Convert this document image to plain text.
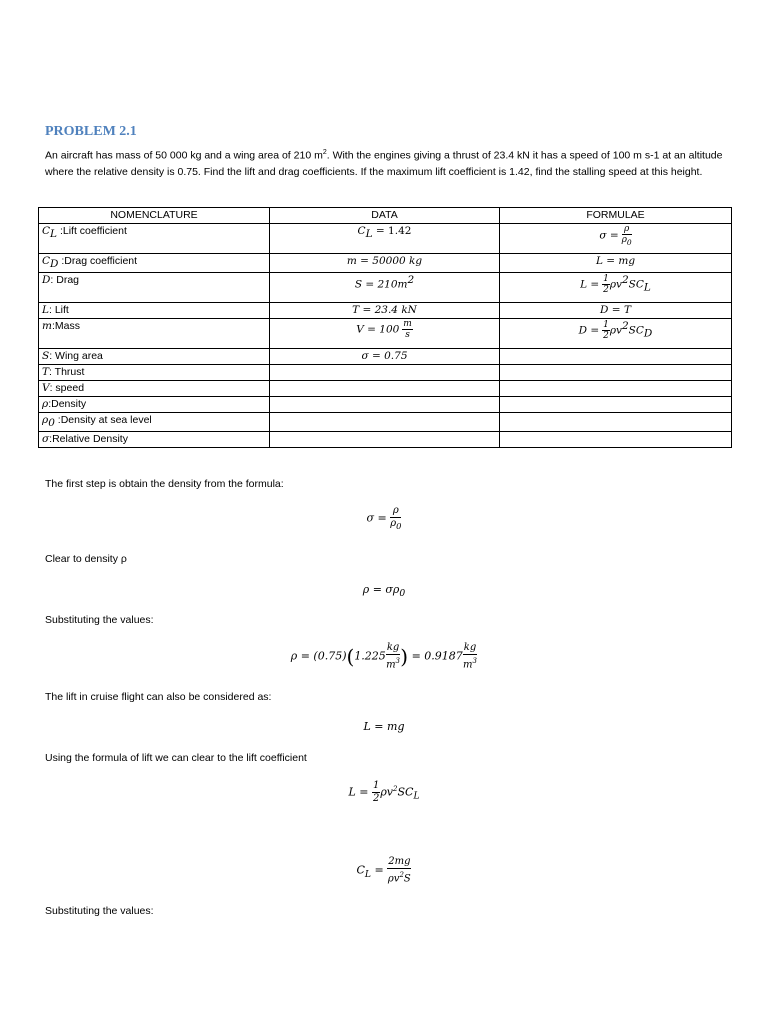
PROBLEM 2.1
An aircraft has mass of 50 000 kg and a wing area of 210 $m^2$. With the engines giving a thrust of 23.4 kN it has a speed of 100 m s-1 at an altitude where the relative density is 0.75. Find the lift and drag coefficients. If the maximum lift coefficient is 1.42, find the stalling speed at this height.
NOMENCLATURE	DATA	FORMULAE
$C_L$ :Lift coefficient	$C_L = 1.42$	$\sigma = \frac{\rho}{\rho_0}$

$C_D$ :Drag coefficient	m = 50000 kg	L = mg
D: Drag	$S = 210m^2$	$L = \frac{1}{2} \rho v^2SC_L$
L: Lift	T = 23.4 kN	D = T
m:Mass	$V = 100 \frac{m}{s}$	$D = \frac{1}{2} \rho v^2SC_D$
S: Wing area	σ = 0.75	
T: Thrust		
V: speed		
ρ:Density		
$\rho_0$ :Density at sea level		
σ:Relative Density		
The first step is obtain the density from the formula:
$\sigma = \frac{\rho}{\rho_0}$
Clear to density ρ
$\rho = \sigma\rho_0$
Substituting the values:
$\rho = (0.75)(1.225 \frac{kg}{m^3}$ ) = $0.9187 \frac{kg}{m^3}$
The lift in cruise flight can also be considered as:
L = mg
Using the formula of lift we can clear to the lift coefficient
$L = \frac{1}{2} \rho v^2SC_L$
$C_L = \frac{2mg}{\rho v^2S}$
Substituting the values:
